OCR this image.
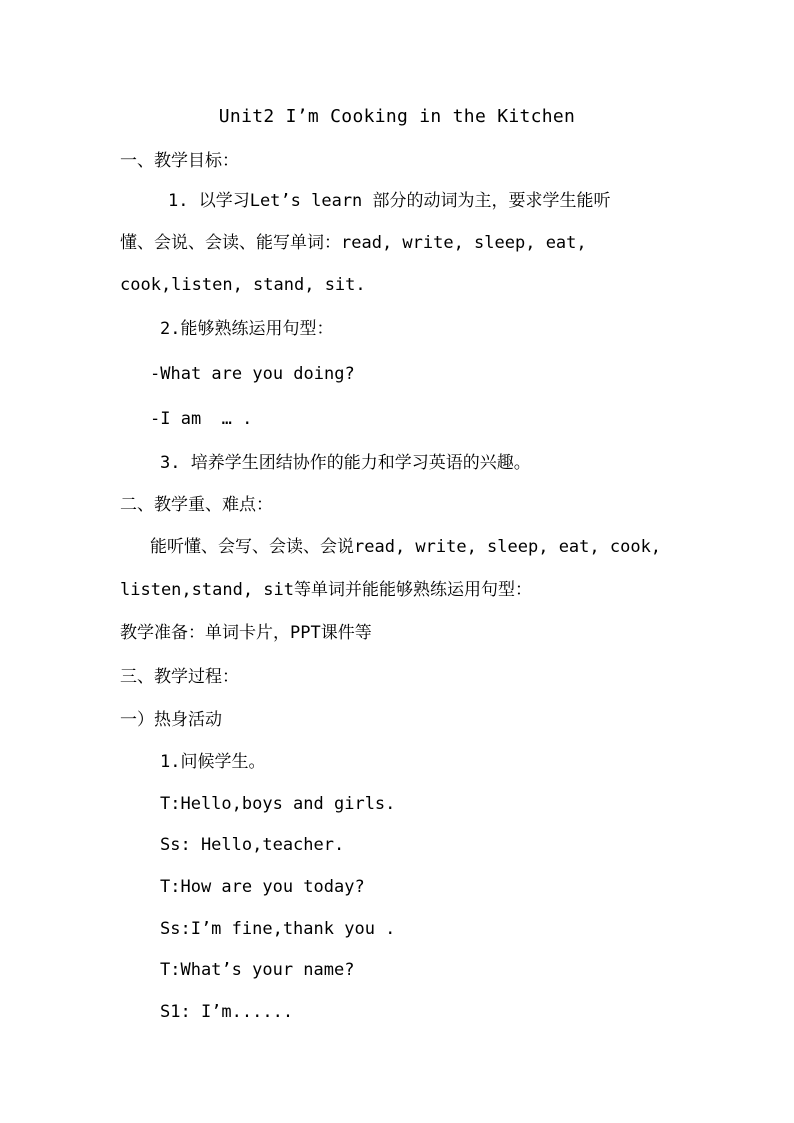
Unit2 I’m Cooking in the Kitchen
一、教学目标：
1. 以学习Let’s learn 部分的动词为主，要求学生能听
懂、会说、会读、能写单词：read, write, sleep, eat,
cook,listen, stand, sit.
2.能够熟练运用句型：
-What are you doing?
-I am  … .
3. 培养学生团结协作的能力和学习英语的兴趣。
二、教学重、难点：
能听懂、会写、会读、会说read, write, sleep, eat, cook,
listen,stand, sit等单词并能能够熟练运用句型：
教学准备：单词卡片，PPT课件等
三、教学过程：
一）热身活动
1.问候学生。
T:Hello,boys and girls.
Ss: Hello,teacher.
T:How are you today?
Ss:I’m fine,thank you .
T:What’s your name?
S1: I’m......
